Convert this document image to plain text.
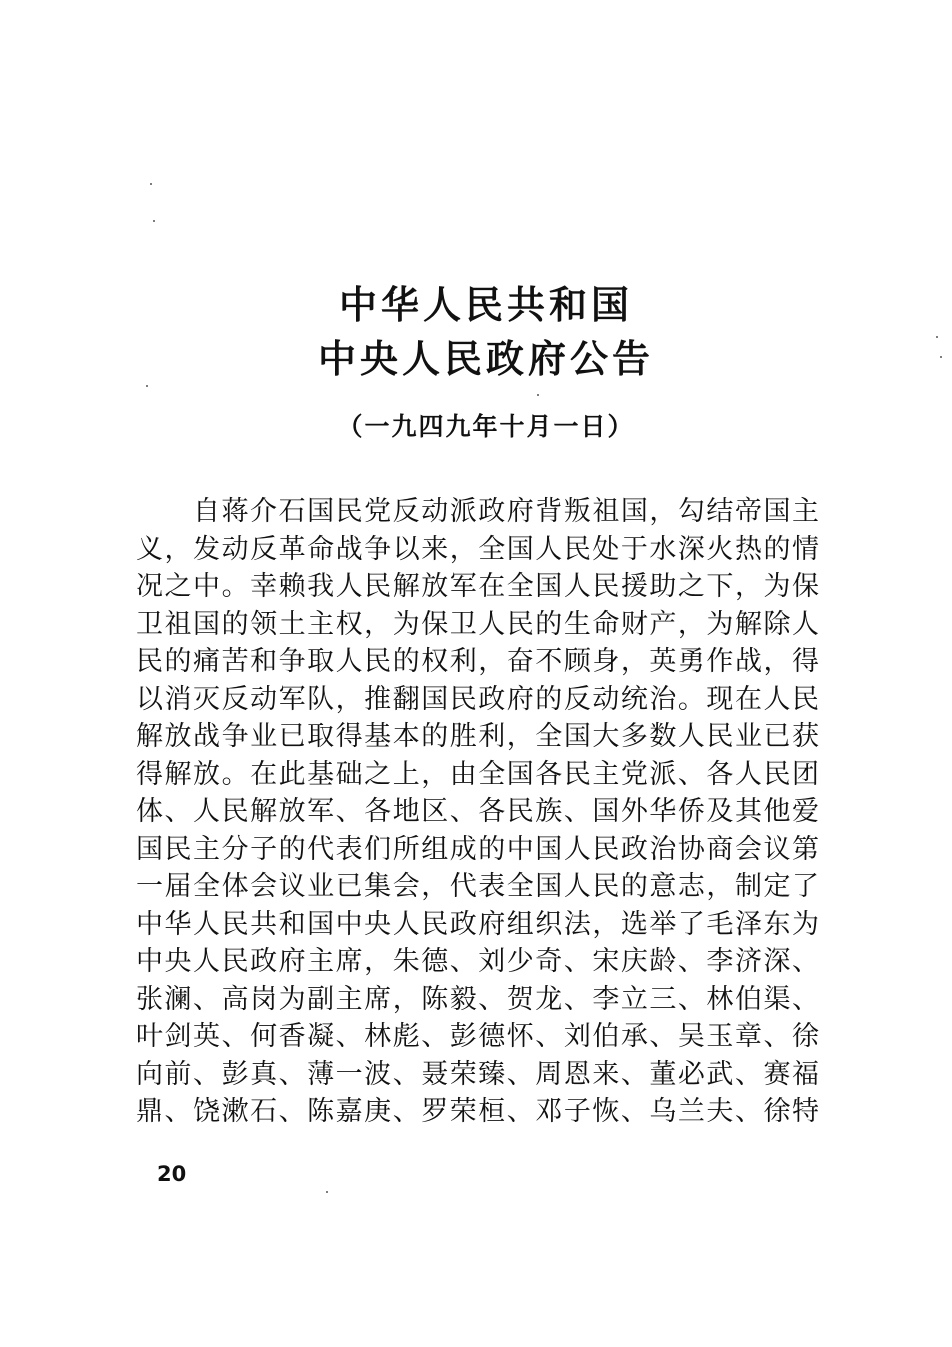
中华人民共和国
中央人民政府公告
（一九四九年十月一日）
自蒋介石国民党反动派政府背叛祖国，勾结帝国主
义，发动反革命战争以来，全国人民处于水深火热的情
况之中。幸赖我人民解放军在全国人民援助之下，为保
卫祖国的领土主权，为保卫人民的生命财产，为解除人
民的痛苦和争取人民的权利，奋不顾身，英勇作战，得
以消灭反动军队，推翻国民政府的反动统治。现在人民
解放战争业已取得基本的胜利，全国大多数人民业已获
得解放。在此基础之上，由全国各民主党派、各人民团
体、人民解放军、各地区、各民族、国外华侨及其他爱
国民主分子的代表们所组成的中国人民政治协商会议第
一届全体会议业已集会，代表全国人民的意志，制定了
中华人民共和国中央人民政府组织法，选举了毛泽东为
中央人民政府主席，朱德、刘少奇、宋庆龄、李济深、
张澜、高岗为副主席，陈毅、贺龙、李立三、林伯渠、
叶剑英、何香凝、林彪、彭德怀、刘伯承、吴玉章、徐
向前、彭真、薄一波、聂荣臻、周恩来、董必武、赛福
鼎、饶漱石、陈嘉庚、罗荣桓、邓子恢、乌兰夫、徐特
20
